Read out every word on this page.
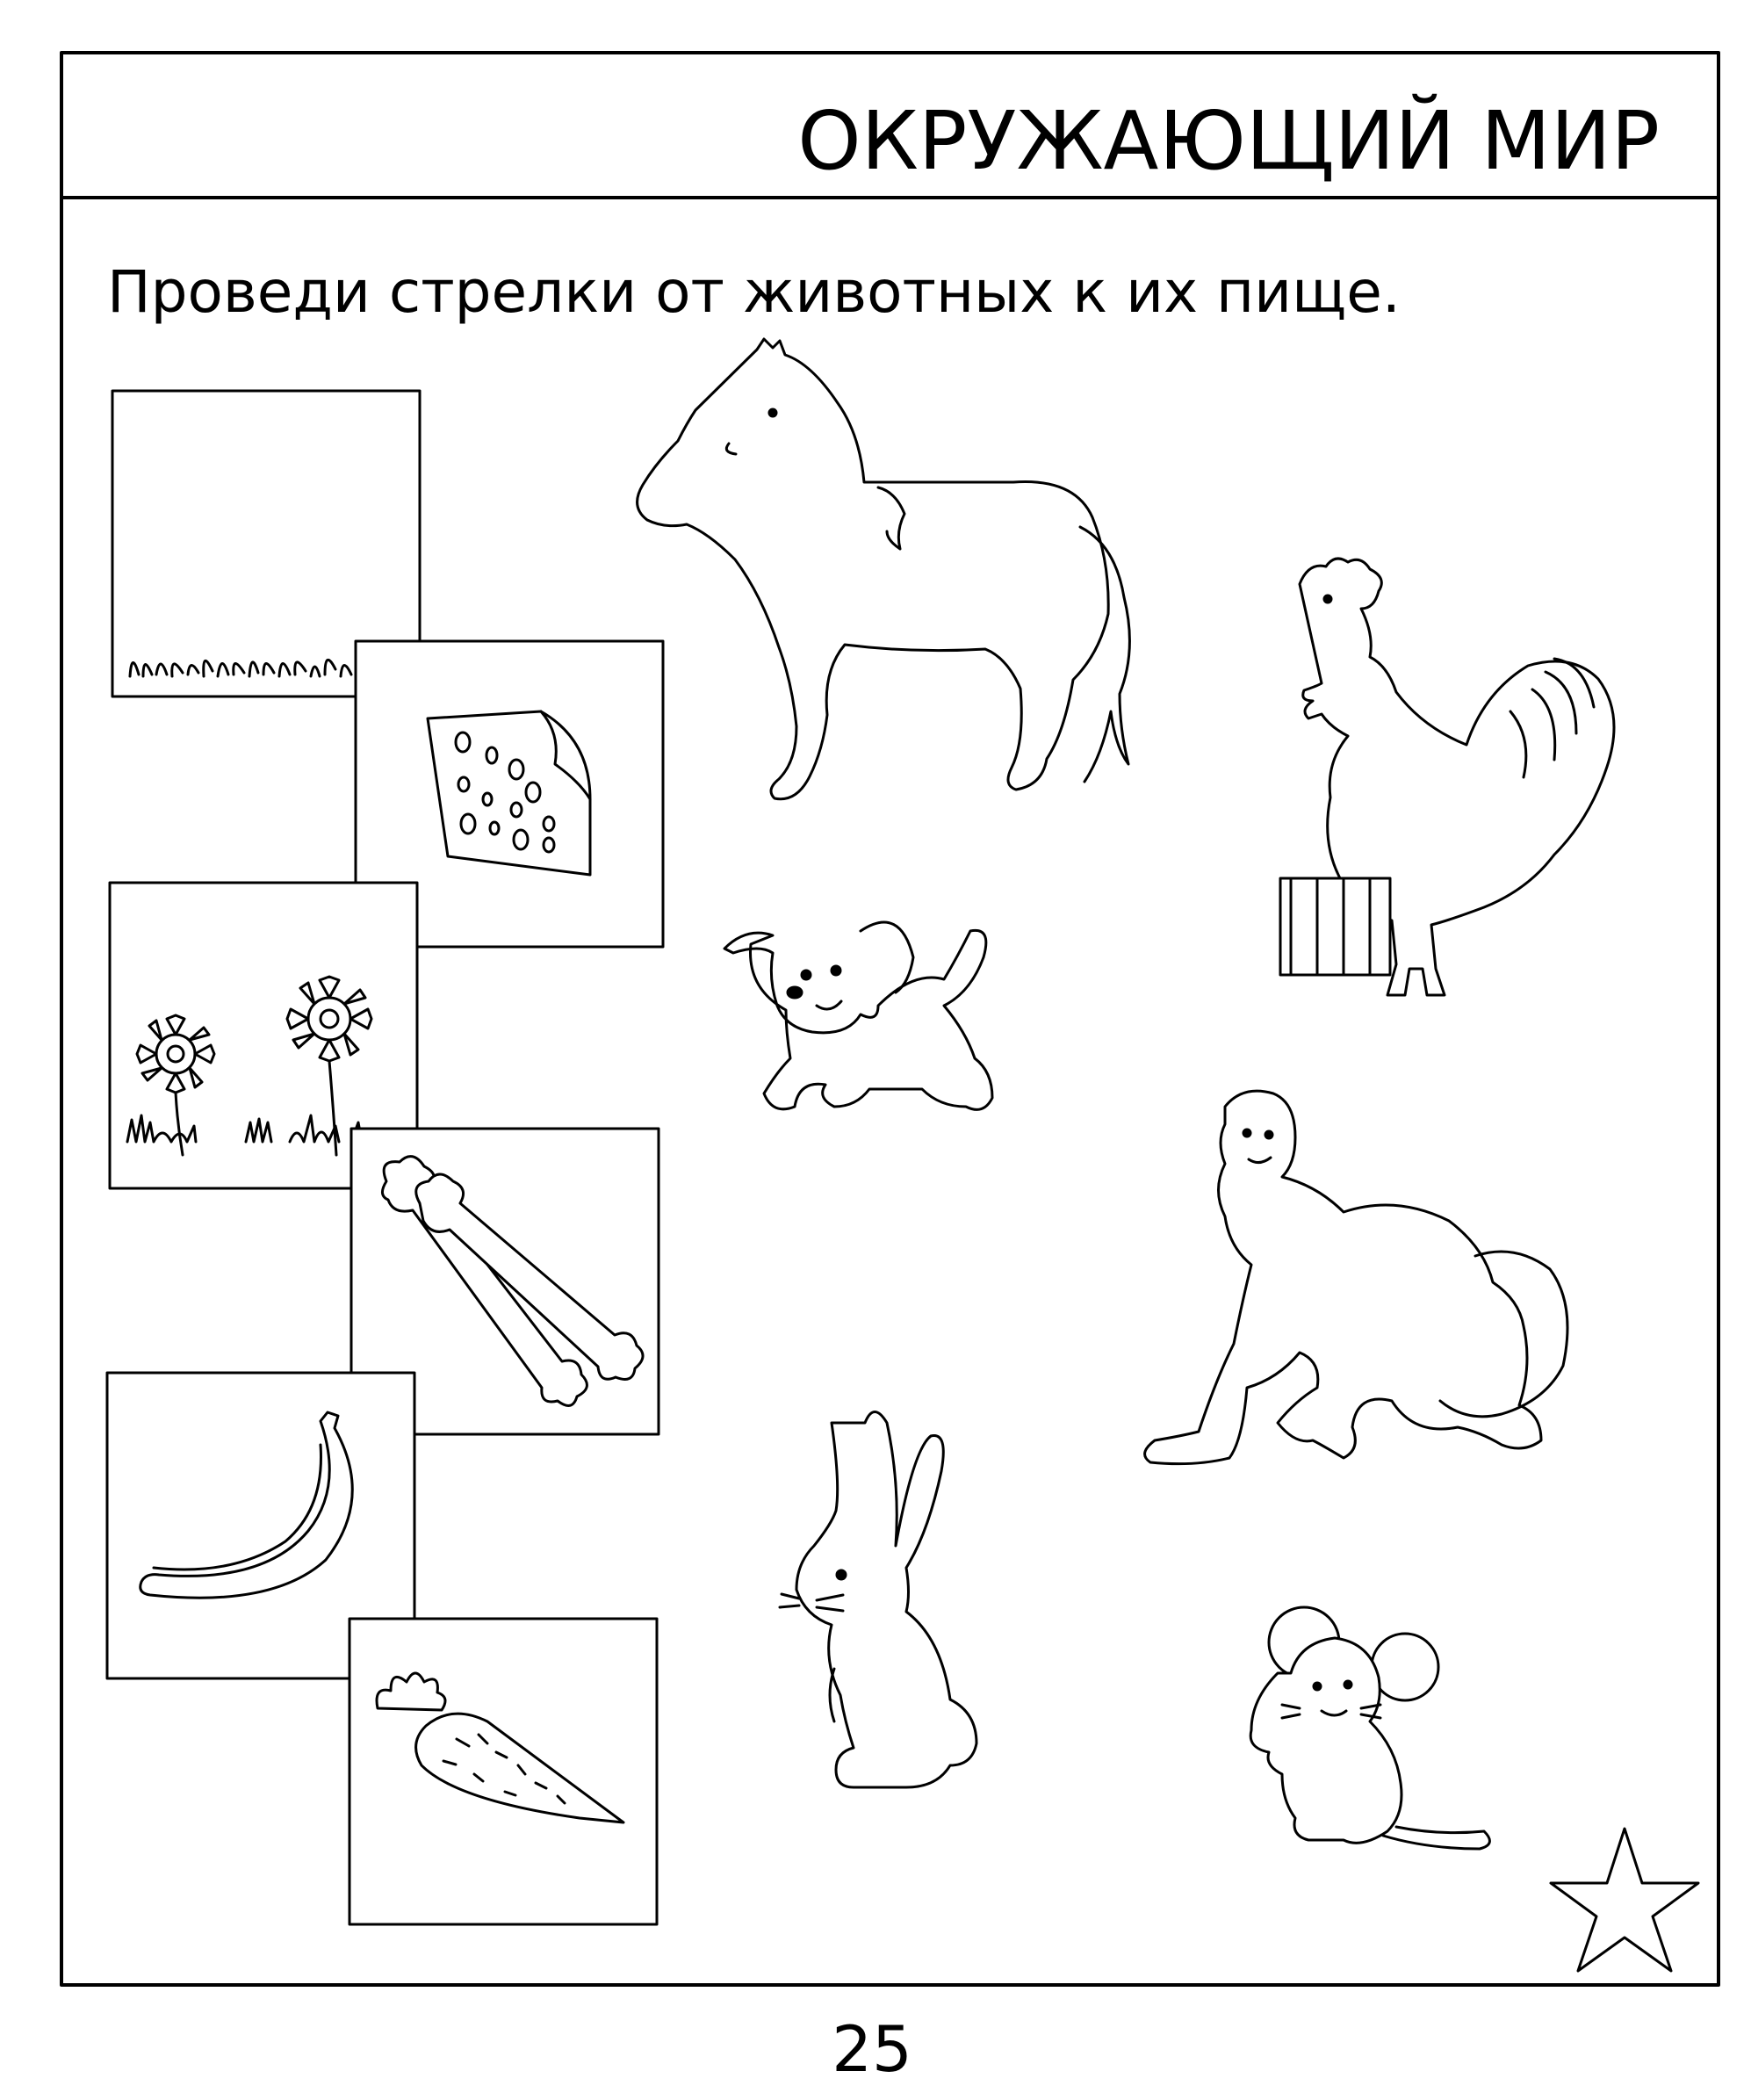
ОКРУЖАЮЩИЙ МИР
Проведи стрелки от животных к их пище.
25
